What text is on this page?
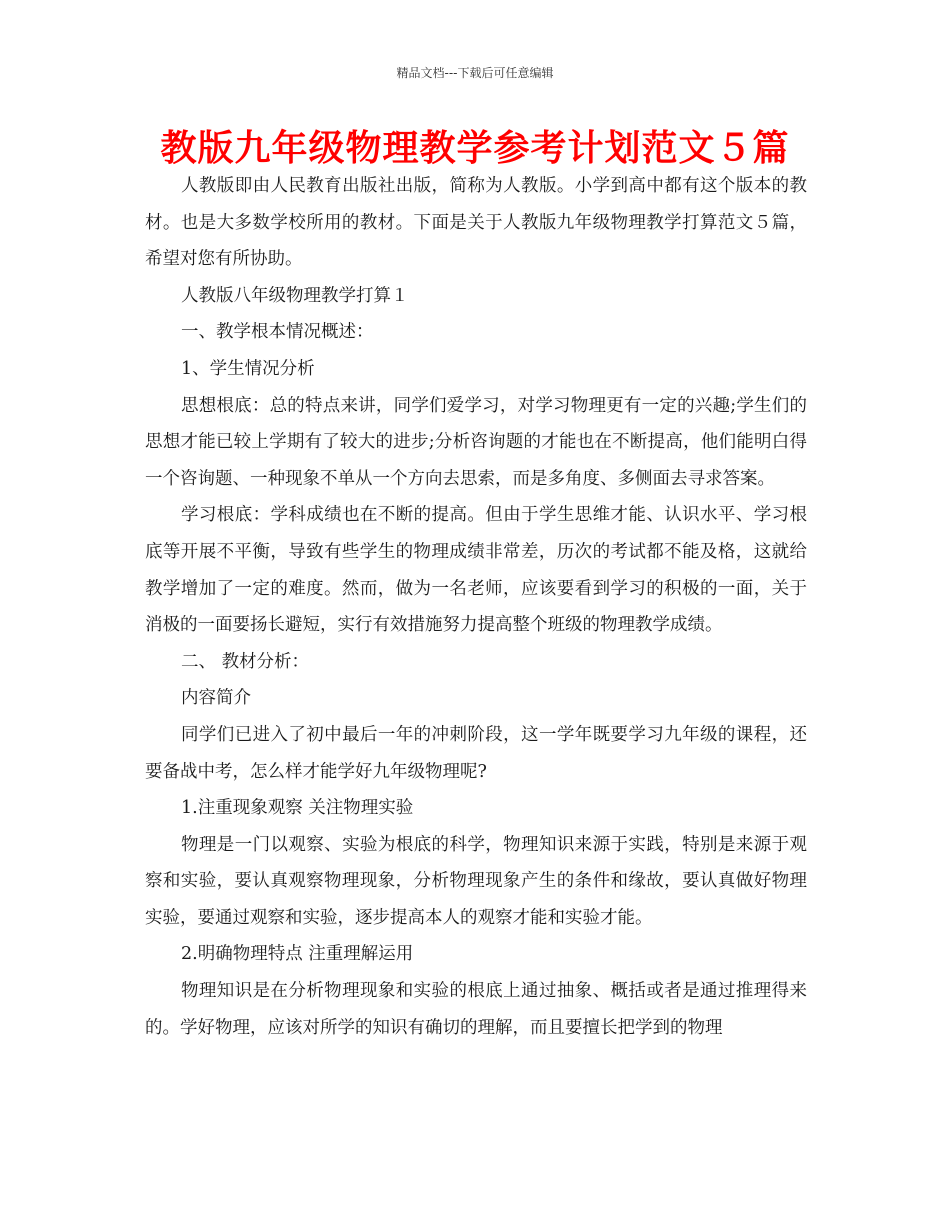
精品文档---下载后可任意编辑
教版九年级物理教学参考计划范文５篇

人教版即由人民教育出版社出版，简称为人教版。小学到高中都有这个版本的教材。也是大多数学校所用的教材。下面是关于人教版九年级物理教学打算范文５篇，希望对您有所协助。

人教版八年级物理教学打算１

一、教学根本情况概述：

1、学生情况分析

思想根底：总的特点来讲，同学们爱学习，对学习物理更有一定的兴趣;学生们的思想才能已较上学期有了较大的进步;分析咨询题的才能也在不断提高，他们能明白得一个咨询题、一种现象不单从一个方向去思索，而是多角度、多侧面去寻求答案。

学习根底：学科成绩也在不断的提高。但由于学生思维才能、认识水平、学习根底等开展不平衡，导致有些学生的物理成绩非常差，历次的考试都不能及格，这就给教学增加了一定的难度。然而，做为一名老师，应该要看到学习的积极的一面，关于消极的一面要扬长避短，实行有效措施努力提高整个班级的物理教学成绩。

二、 教材分析：

内容简介

同学们已进入了初中最后一年的冲刺阶段，这一学年既要学习九年级的课程，还要备战中考，怎么样才能学好九年级物理呢?

1.注重现象观察 关注物理实验

物理是一门以观察、实验为根底的科学，物理知识来源于实践，特别是来源于观察和实验，要认真观察物理现象，分析物理现象产生的条件和缘故，要认真做好物理实验，要通过观察和实验，逐步提高本人的观察才能和实验才能。

2.明确物理特点 注重理解运用

物理知识是在分析物理现象和实验的根底上通过抽象、概括或者是通过推理得来的。学好物理，应该对所学的知识有确切的理解，而且要擅长把学到的物理
